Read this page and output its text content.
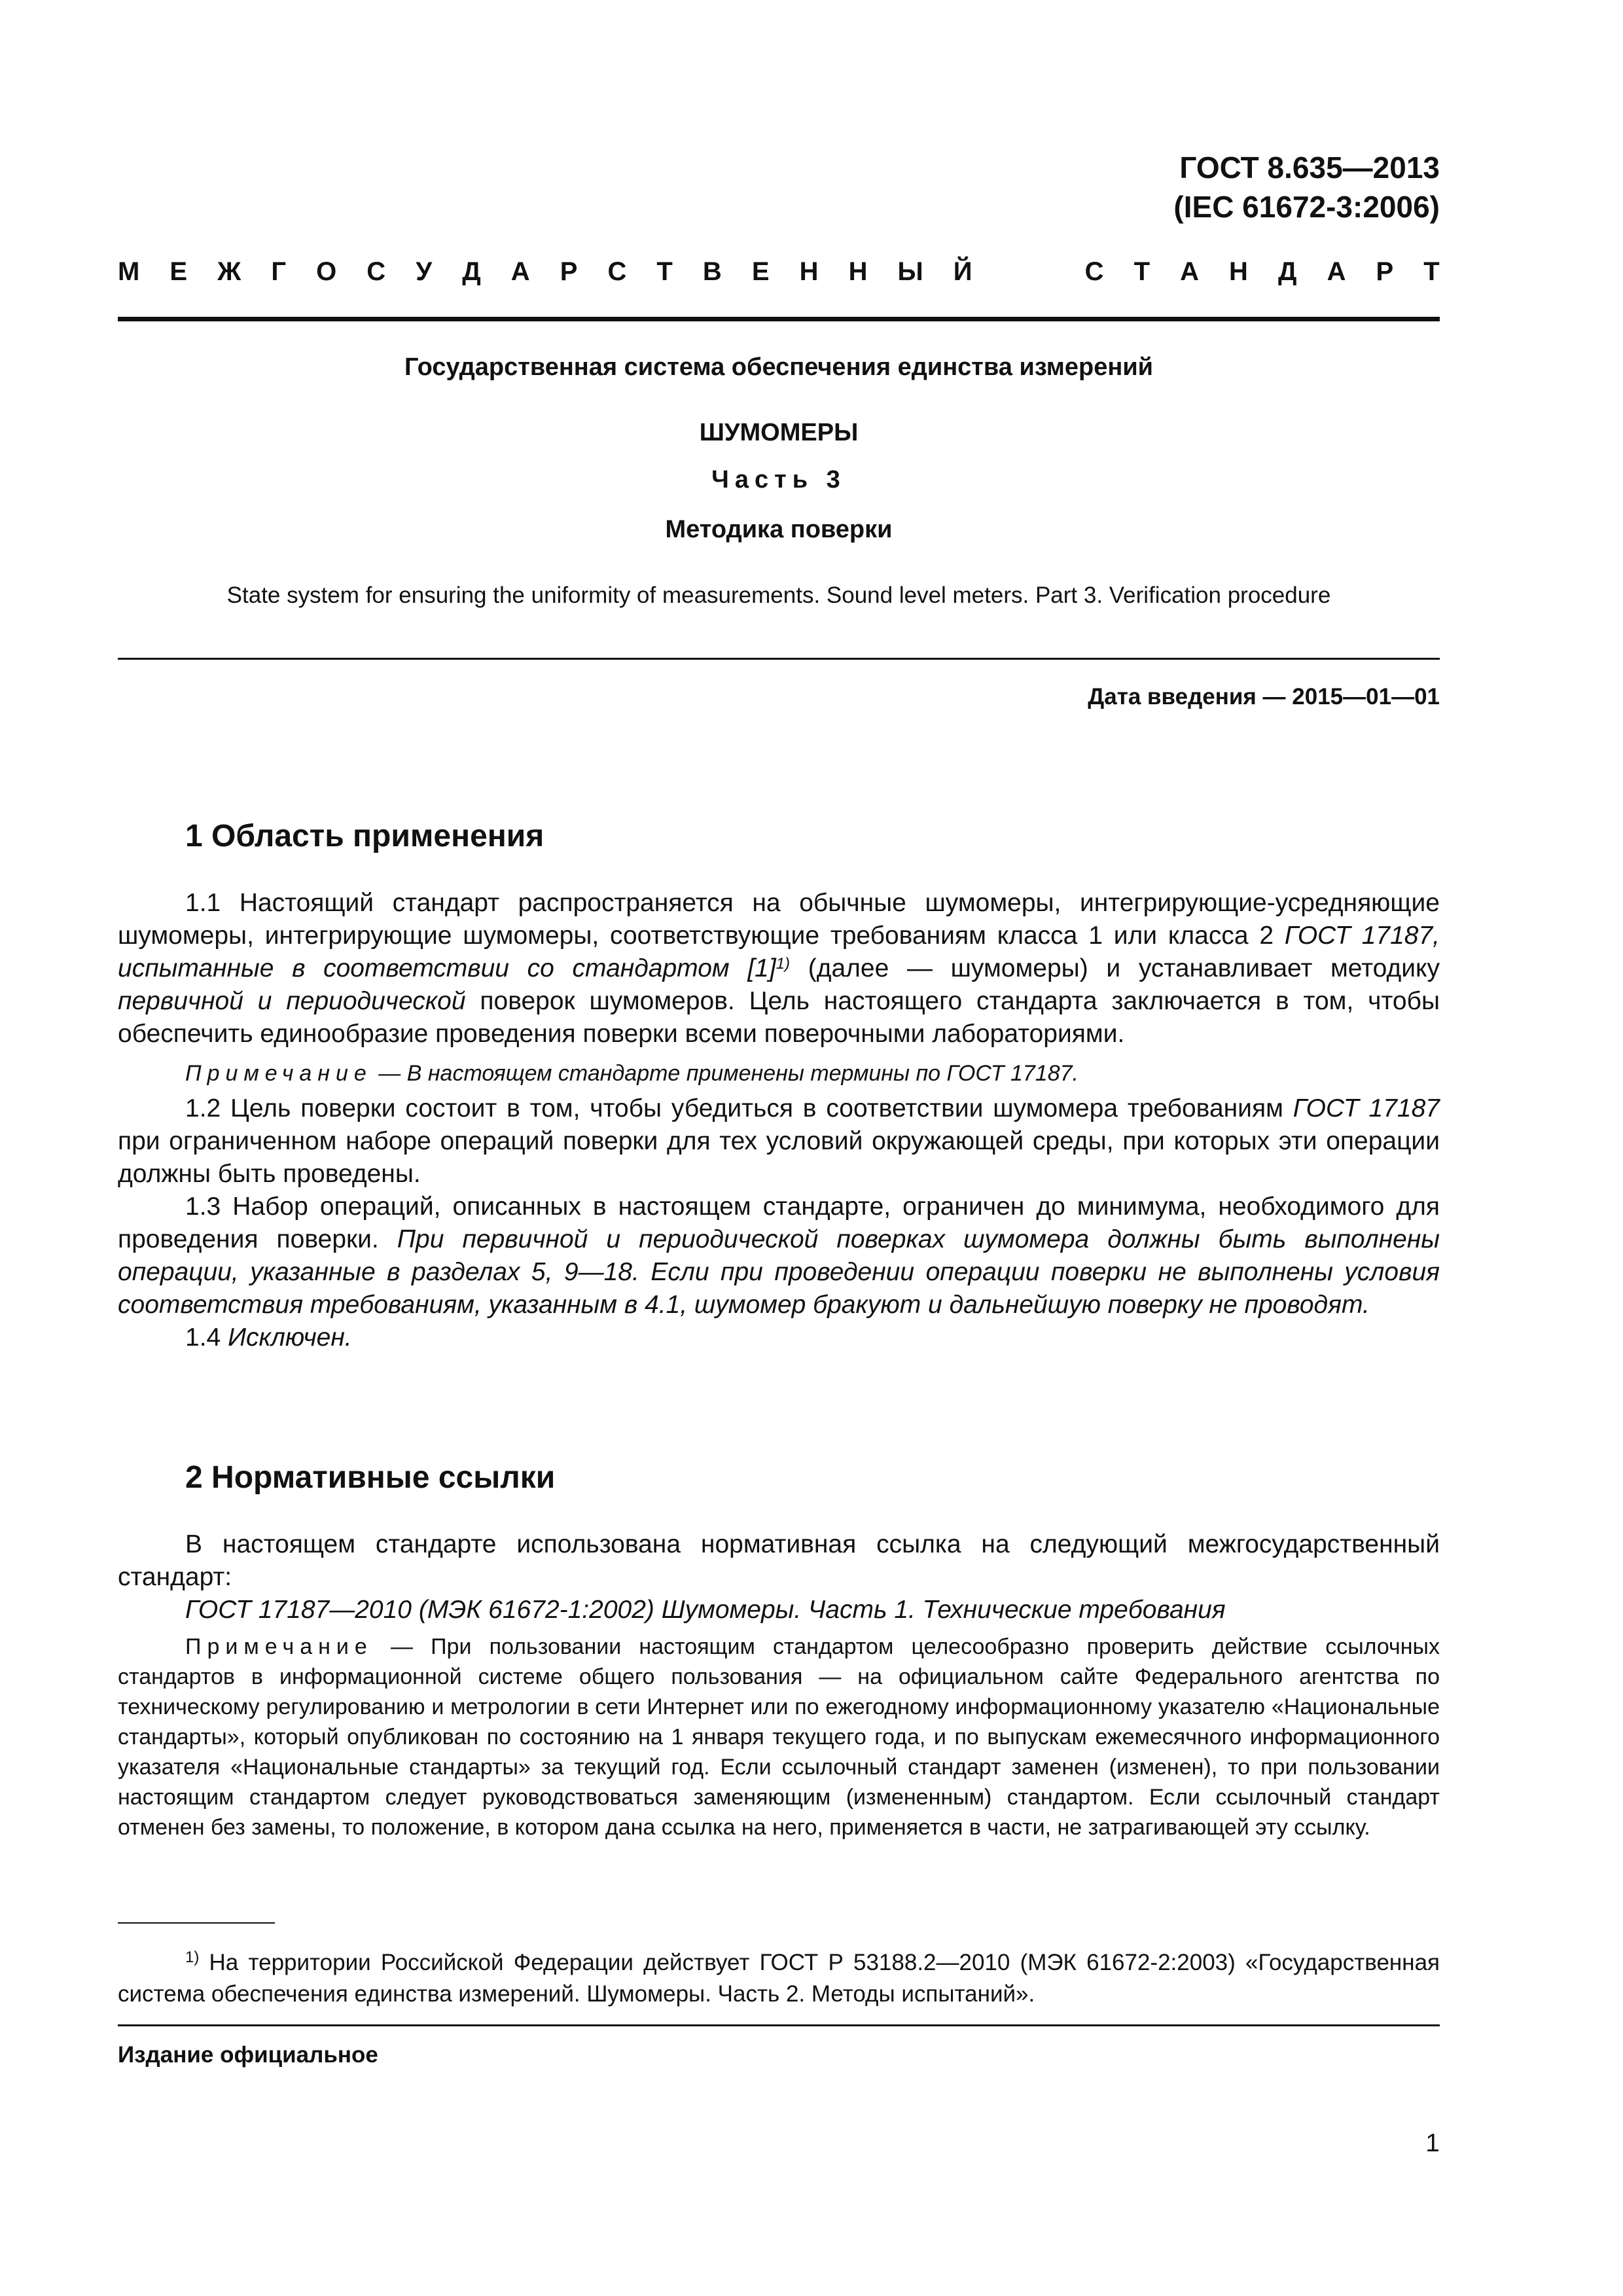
ГОСТ 8.635—2013
(IEC 61672-3:2006)
М Е Ж Г О С У Д А Р С Т В Е Н Н Ы Й	С Т А Н Д А Р Т
Государственная система обеспечения единства измерений
ШУМОМЕРЫ
Часть 3
Методика поверки
State system for ensuring the uniformity of measurements. Sound level meters. Part 3. Verification procedure
Дата введения — 2015—01—01
1 Область применения

1.1 Настоящий стандарт распространяется на обычные шумомеры, интегрирующие-усредняющие шумомеры, интегрирующие шумомеры, соответствующие требованиям класса 1 или класса 2 ГОСТ 17187, испытанные в соответствии со стандартом $[1]^{1)}$ (далее — шумомеры) и устанавливает методику первичной и периодической поверок шумомеров. Цель настоящего стандарта заключается в том, чтобы обеспечить единообразие проведения поверки всеми поверочными лабораториями.

Примечание — В настоящем стандарте применены термины по ГОСТ 17187.

1.2 Цель поверки состоит в том, чтобы убедиться в соответствии шумомера требованиям ГОСТ 17187 при ограниченном наборе операций поверки для тех условий окружающей среды, при которых эти операции должны быть проведены.

1.3 Набор операций, описанных в настоящем стандарте, ограничен до минимума, необходимого для проведения поверки. При первичной и периодической поверках шумомера должны быть выполнены операции, указанные в разделах 5, 9—18. Если при проведении операции поверки не выполнены условия соответствия требованиям, указанным в 4.1, шумомер бракуют и дальнейшую поверку не проводят.

1.4 Исключен.

2 Нормативные ссылки

В настоящем стандарте использована нормативная ссылка на следующий межгосударственный стандарт:

ГОСТ 17187—2010 (МЭК 61672-1:2002) Шумомеры. Часть 1. Технические требования

Примечание — При пользовании настоящим стандартом целесообразно проверить действие ссылочных стандартов в информационной системе общего пользования — на официальном сайте Федерального агентства по техническому регулированию и метрологии в сети Интернет или по ежегодному информационному указателю «Национальные стандарты», который опубликован по состоянию на 1 января текущего года, и по выпускам ежемесячного информационного указателя «Национальные стандарты» за текущий год. Если ссылочный стандарт заменен (изменен), то при пользовании настоящим стандартом следует руководствоваться заменяющим (измененным) стандартом. Если ссылочный стандарт отменен без замены, то положение, в котором дана ссылка на него, применяется в части, не затрагивающей эту ссылку.

$^{1)}$ На территории Российской Федерации действует ГОСТ Р 53188.2—2010 (МЭК 61672-2:2003) «Государственная система обеспечения единства измерений. Шумомеры. Часть 2. Методы испытаний».

Издание официальное
1
